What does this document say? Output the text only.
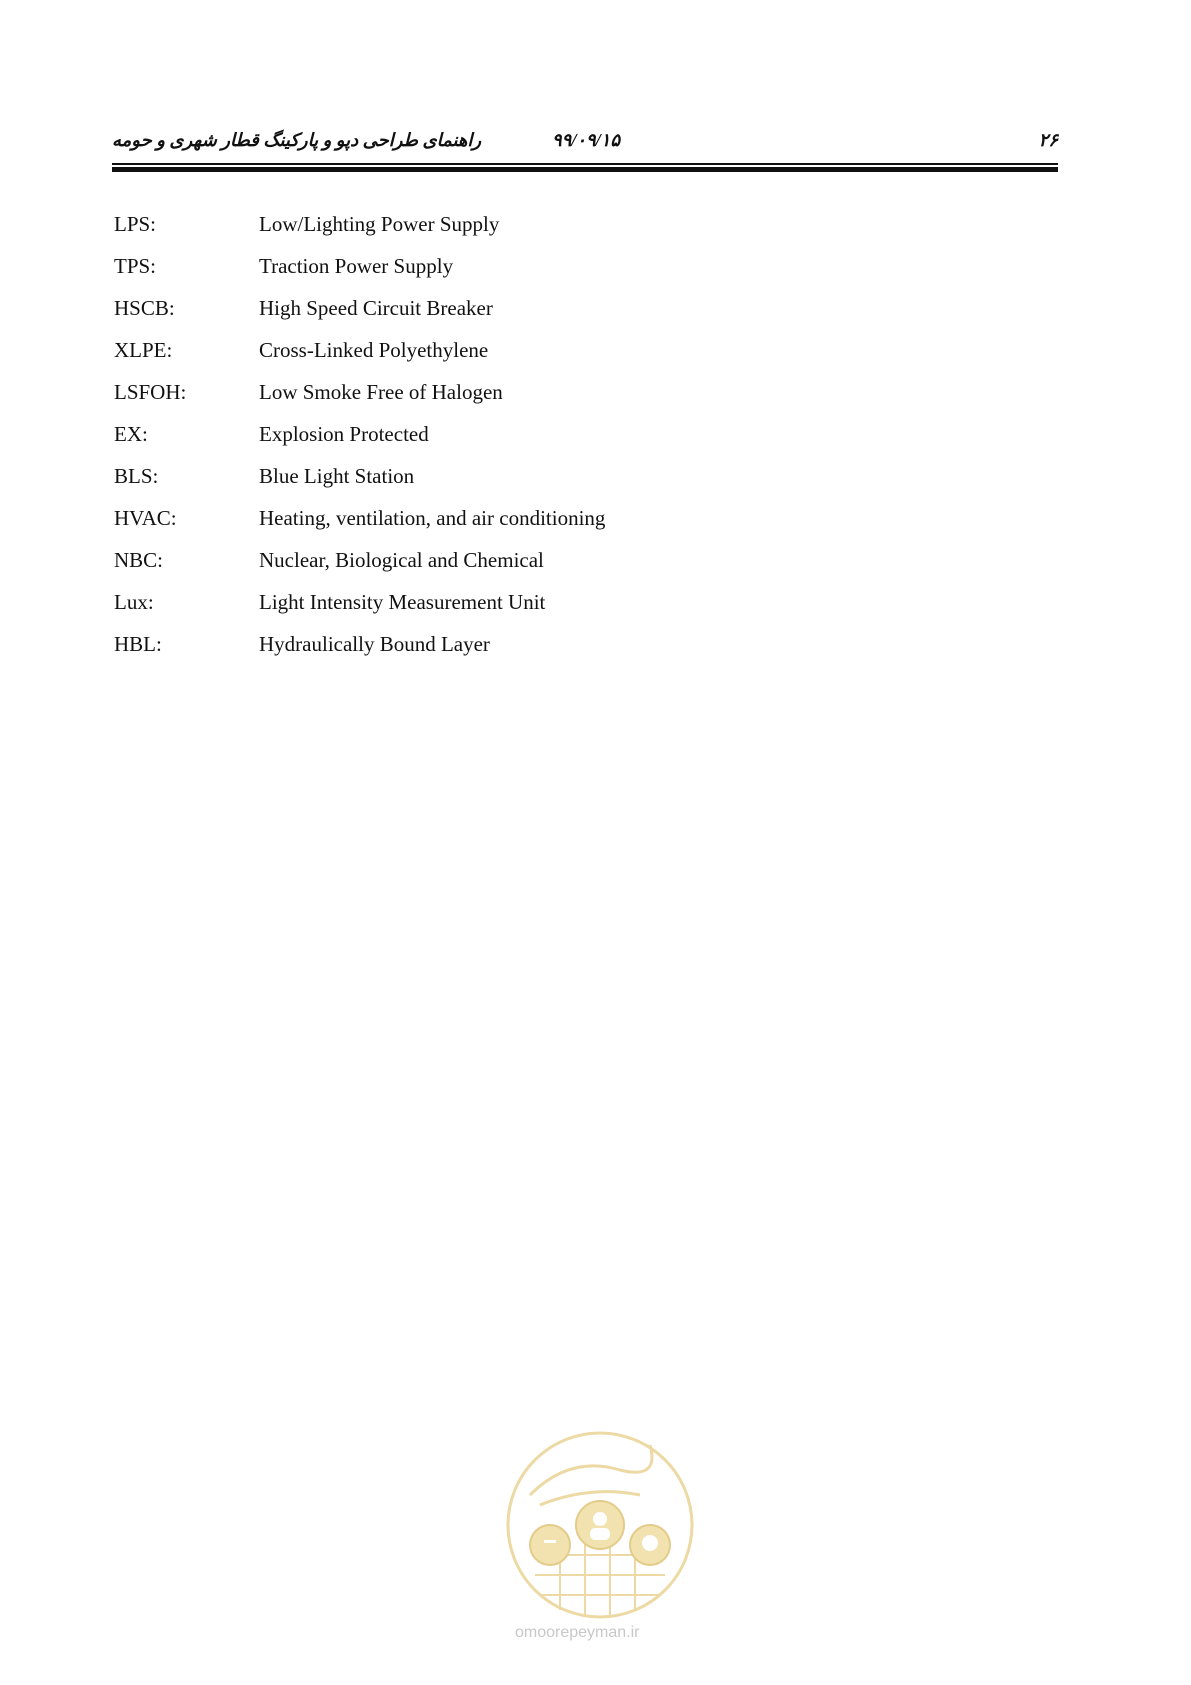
۲۶
۹۹/۰۹/۱۵
راهنمای طراحی دپو و پارکینگ قطار شهری و حومه
LPS:	Low/Lighting Power Supply
TPS:	Traction Power Supply
HSCB:	High Speed Circuit Breaker
XLPE:	Cross-Linked Polyethylene
LSFOH:	Low Smoke Free of Halogen
EX:	Explosion Protected
BLS:	Blue Light Station
HVAC:	Heating, ventilation, and air conditioning
NBC:	Nuclear, Biological and Chemical
Lux:	Light Intensity Measurement Unit
HBL:	Hydraulically Bound Layer
omoorepeyman.ir
